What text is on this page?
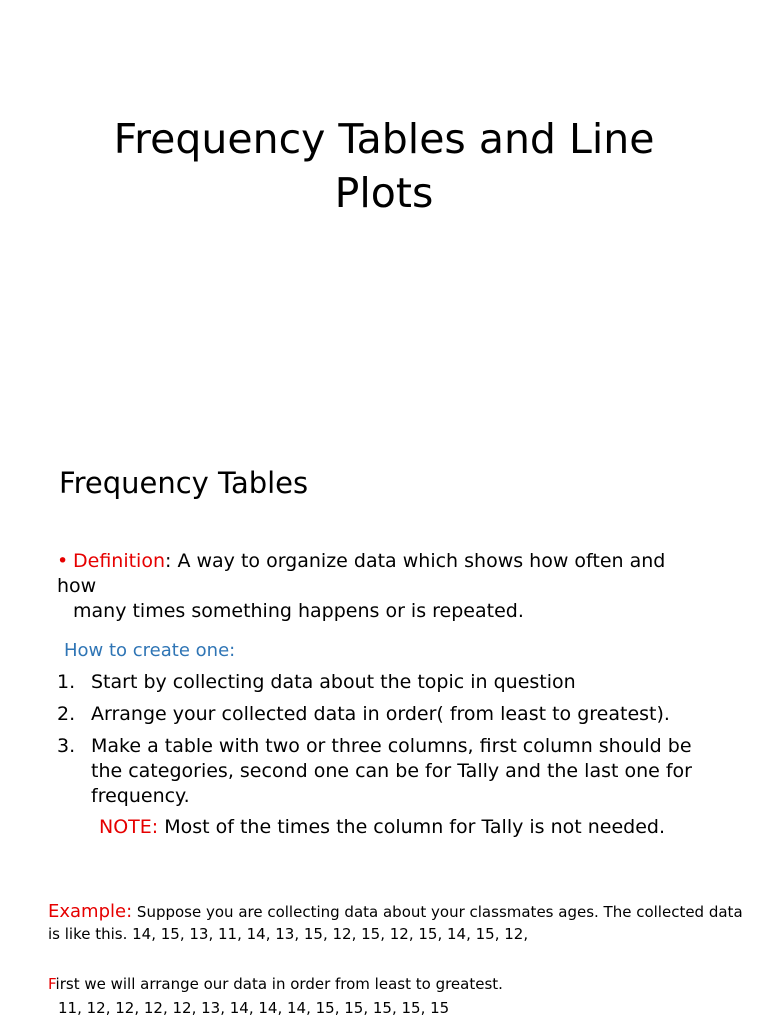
Frequency Tables and Line
Plots
Frequency Tables
• Definition: A way to organize data which shows how often and how
many times something happens or is repeated.
How to create one:
1. Start by collecting data about the topic in question
2. Arrange your collected data in order( from least to greatest).
3. Make a table with two or three columns, first column should be the categories, second one can be for Tally and the last one for frequency.
NOTE: Most of the times the column for Tally is not needed.
Example: Suppose you are collecting data about your classmates ages. The collected data is like this. 14, 15, 13, 11, 14, 13, 15, 12, 15, 12, 15, 14, 15, 12,
First we will arrange our data in order from least to greatest.
11, 12, 12, 12, 12, 13, 14, 14, 14, 15, 15, 15, 15, 15
